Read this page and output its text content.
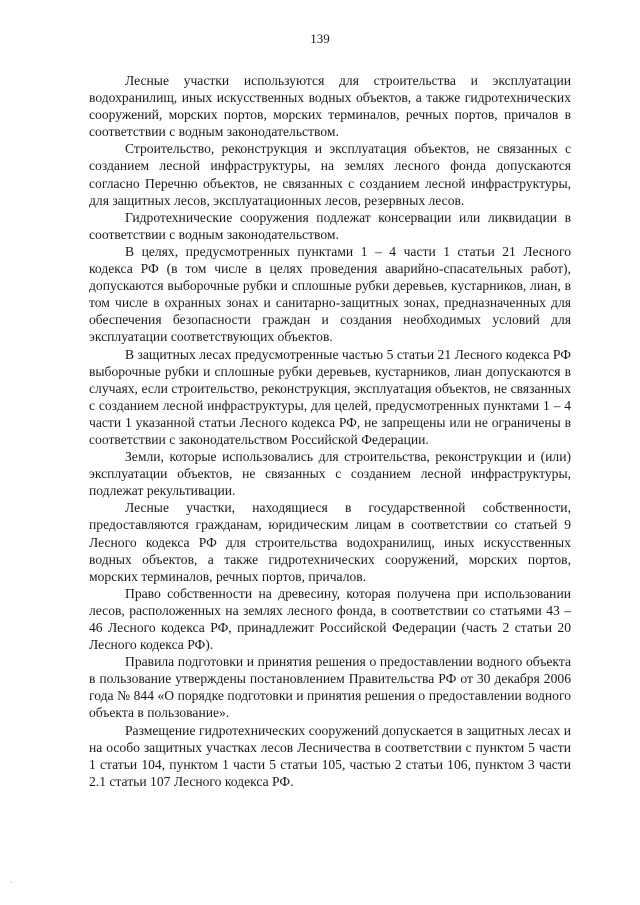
139

Лесные участки используются для строительства и эксплуатации водохранилищ, иных искусственных водных объектов, а также гидротехнических сооружений, морских портов, морских терминалов, речных портов, причалов в соответствии с водным законодательством.

Строительство, реконструкция и эксплуатация объектов, не связанных с созданием лесной инфраструктуры, на землях лесного фонда допускаются согласно Перечню объектов, не связанных с созданием лесной инфраструктуры, для защитных лесов, эксплуатационных лесов, резервных лесов.

Гидротехнические сооружения подлежат консервации или ликвидации в соответствии с водным законодательством.

В целях, предусмотренных пунктами 1 – 4 части 1 статьи 21 Лесного кодекса РФ (в том числе в целях проведения аварийно-спасательных работ), допускаются выборочные рубки и сплошные рубки деревьев, кустарников, лиан, в том числе в охранных зонах и санитарно-защитных зонах, предназначенных для обеспечения безопасности граждан и создания необходимых условий для эксплуатации соответствующих объектов.

В защитных лесах предусмотренные частью 5 статьи 21 Лесного кодекса РФ выборочные рубки и сплошные рубки деревьев, кустарников, лиан допускаются в случаях, если строительство, реконструкция, эксплуатация объектов, не связанных с созданием лесной инфраструктуры, для целей, предусмотренных пунктами 1 – 4 части 1 указанной статьи Лесного кодекса РФ, не запрещены или не ограничены в соответствии с законодательством Российской Федерации.

Земли, которые использовались для строительства, реконструкции и (или) эксплуатации объектов, не связанных с созданием лесной инфраструктуры, подлежат рекультивации.

Лесные участки, находящиеся в государственной собственности, предоставляются гражданам, юридическим лицам в соответствии со статьей 9 Лесного кодекса РФ для строительства водохранилищ, иных искусственных водных объектов, а также гидротехнических сооружений, морских портов, морских терминалов, речных портов, причалов.

Право собственности на древесину, которая получена при использовании лесов, расположенных на землях лесного фонда, в соответствии со статьями 43 – 46 Лесного кодекса РФ, принадлежит Российской Федерации (часть 2 статьи 20 Лесного кодекса РФ).

Правила подготовки и принятия решения о предоставлении водного объекта в пользование утверждены постановлением Правительства РФ от 30 декабря 2006 года № 844 «О порядке подготовки и принятия решения о предоставлении водного объекта в пользование».

Размещение гидротехнических сооружений допускается в защитных лесах и на особо защитных участках лесов Лесничества в соответствии с пунктом 5 части 1 статьи 104, пунктом 1 части 5 статьи 105, частью 2 статьи 106, пунктом 3 части 2.1 статьи 107 Лесного кодекса РФ.

·
